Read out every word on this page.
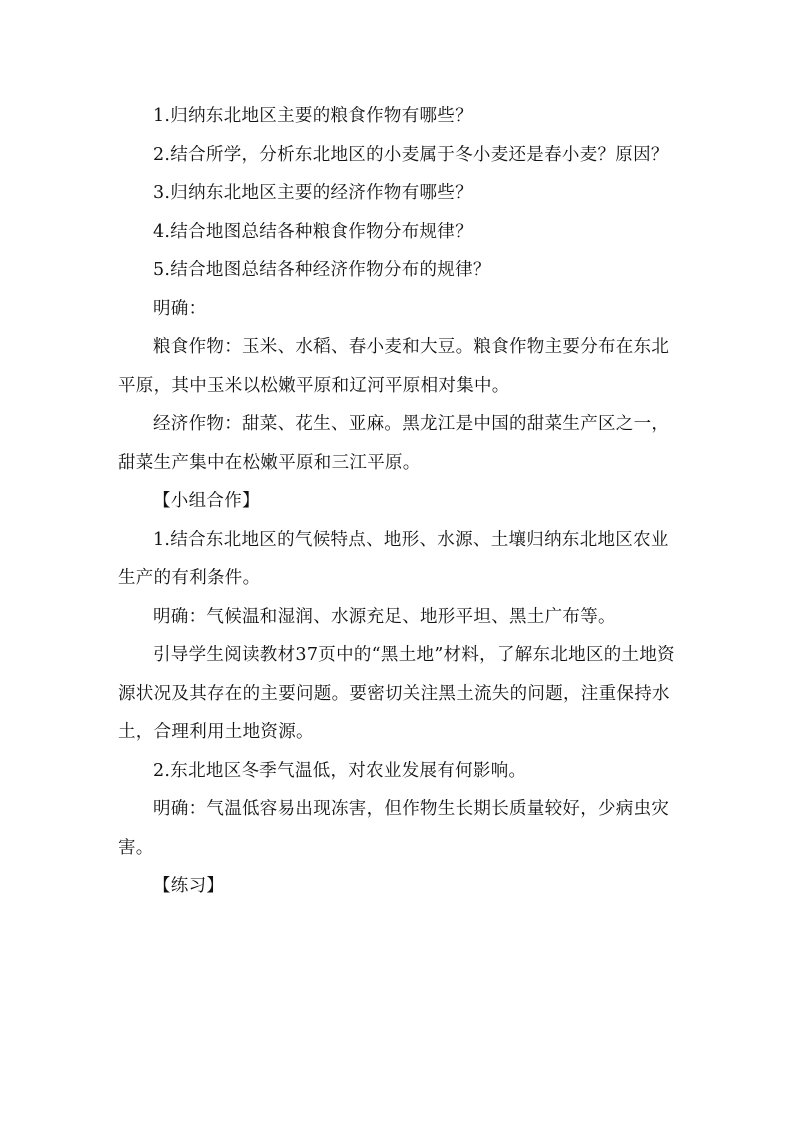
1.归纳东北地区主要的粮食作物有哪些？

2.结合所学，分析东北地区的小麦属于冬小麦还是春小麦？原因？

3.归纳东北地区主要的经济作物有哪些？

4.结合地图总结各种粮食作物分布规律？

5.结合地图总结各种经济作物分布的规律？

明确：

粮食作物：玉米、水稻、春小麦和大豆。粮食作物主要分布在东北平原，其中玉米以松嫩平原和辽河平原相对集中。

经济作物：甜菜、花生、亚麻。黑龙江是中国的甜菜生产区之一，甜菜生产集中在松嫩平原和三江平原。

【小组合作】

1.结合东北地区的气候特点、地形、水源、土壤归纳东北地区农业生产的有利条件。

明确：气候温和湿润、水源充足、地形平坦、黑土广布等。

引导学生阅读教材37页中的“黑土地”材料，了解东北地区的土地资源状况及其存在的主要问题。要密切关注黑土流失的问题，注重保持水土，合理利用土地资源。

2.东北地区冬季气温低，对农业发展有何影响。

明确：气温低容易出现冻害，但作物生长期长质量较好，少病虫灾害。

【练习】
